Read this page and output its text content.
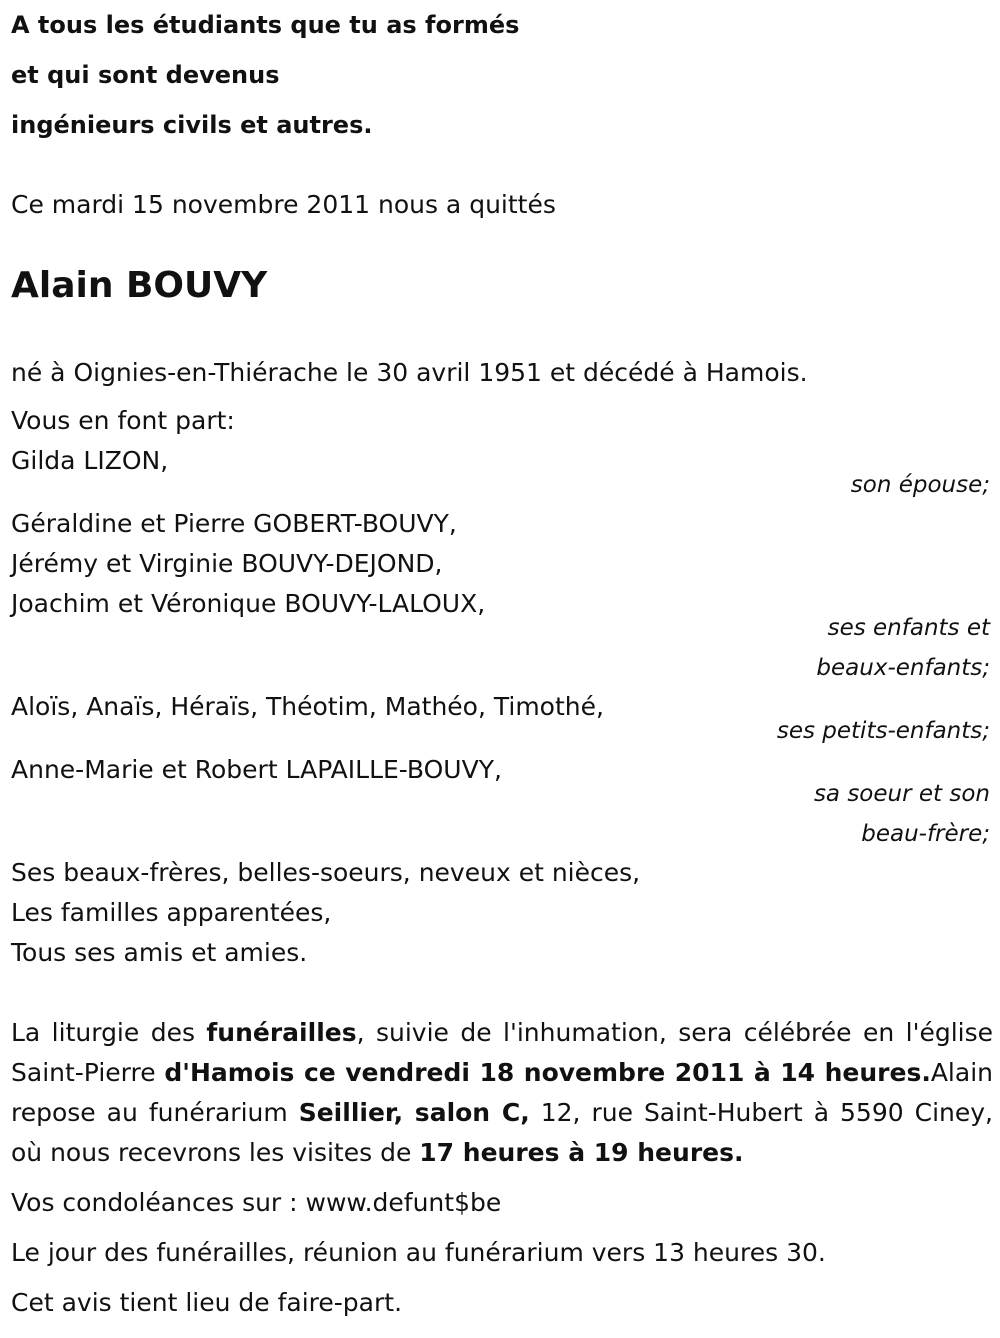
A tous les étudiants que tu as formés
et qui sont devenus
ingénieurs civils et autres.
Ce mardi 15 novembre 2011 nous a quittés
Alain BOUVY
né à Oignies-en-Thiérache le 30 avril 1951 et décédé à Hamois.
Vous en font part:
Gilda LIZON,
son épouse;
Géraldine et Pierre GOBERT-BOUVY,
Jérémy et Virginie BOUVY-DEJOND,
Joachim et Véronique BOUVY-LALOUX,
ses enfants et
beaux-enfants;
Aloïs, Anaïs, Héraïs, Théotim, Mathéo, Timothé,
ses petits-enfants;
Anne-Marie et Robert LAPAILLE-BOUVY,
sa soeur et son
beau-frère;
Ses beaux-frères, belles-soeurs, neveux et nièces,
Les familles apparentées,
Tous ses amis et amies.
La liturgie des funérailles, suivie de l'inhumation, sera célébrée en l'église Saint-Pierre d'Hamois ce vendredi 18 novembre 2011 à 14 heures.Alain repose au funérarium Seillier, salon C, 12, rue Saint-Hubert à 5590 Ciney, où nous recevrons les visites de 17 heures à 19 heures.
Vos condoléances sur : www.defunt$be
Le jour des funérailles, réunion au funérarium vers 13 heures 30.
Cet avis tient lieu de faire-part.
